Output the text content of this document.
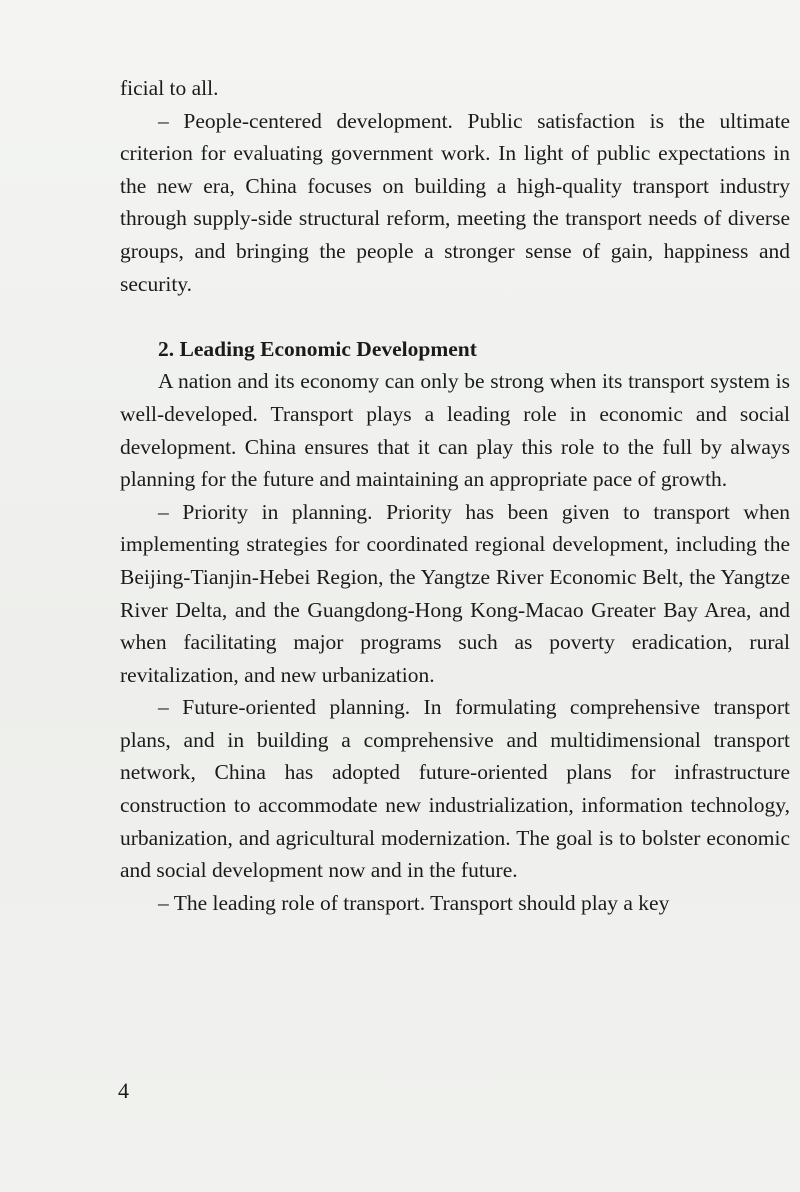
ficial to all.

– People-centered development. Public satisfaction is the ultimate criterion for evaluating government work. In light of public expectations in the new era, China focuses on building a high-quality transport industry through supply-side structural reform, meeting the transport needs of diverse groups, and bringing the people a stronger sense of gain, happiness and security.

2. Leading Economic Development

A nation and its economy can only be strong when its transport system is well-developed. Transport plays a leading role in economic and social development. China ensures that it can play this role to the full by always planning for the future and maintaining an appropriate pace of growth.

– Priority in planning. Priority has been given to transport when implementing strategies for coordinated regional development, including the Beijing-Tianjin-Hebei Region, the Yangtze River Economic Belt, the Yangtze River Delta, and the Guangdong-Hong Kong-Macao Greater Bay Area, and when facilitating major programs such as poverty eradication, rural revitalization, and new urbanization.

– Future-oriented planning. In formulating comprehensive transport plans, and in building a comprehensive and multidimensional transport network, China has adopted future-oriented plans for infrastructure construction to accommodate new industrialization, information technology, urbanization, and agricultural modernization. The goal is to bolster economic and social development now and in the future.

– The leading role of transport. Transport should play a key

4
